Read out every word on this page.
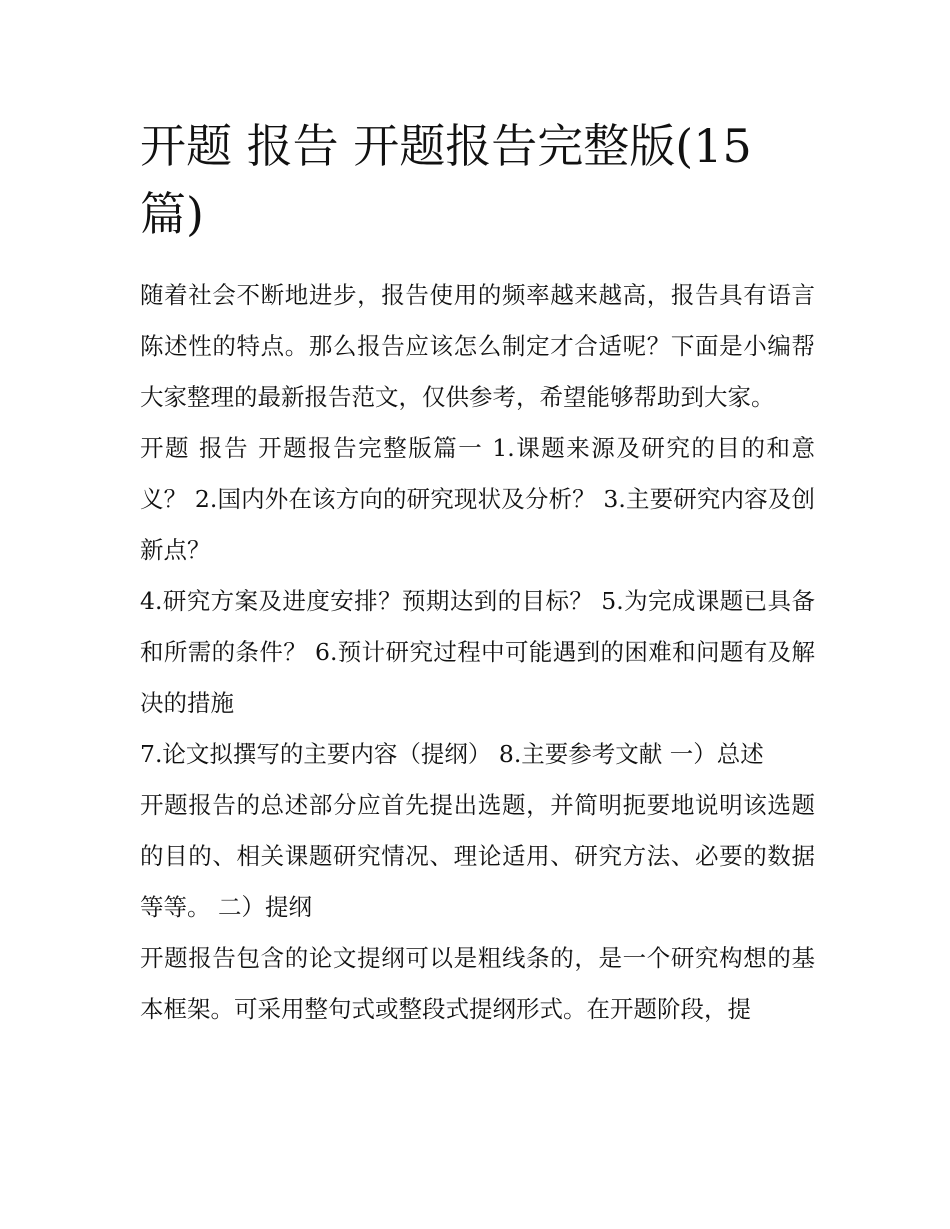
开题 报告 开题报告完整版(15篇)

随着社会不断地进步，报告使用的频率越来越高，报告具有语言陈述性的特点。那么报告应该怎么制定才合适呢？下面是小编帮大家整理的最新报告范文，仅供参考，希望能够帮助到大家。

开题 报告 开题报告完整版篇一 1.课题来源及研究的目的和意义？ 2.国内外在该方向的研究现状及分析？ 3.主要研究内容及创新点？

4.研究方案及进度安排？预期达到的目标？ 5.为完成课题已具备和所需的条件？ 6.预计研究过程中可能遇到的困难和问题有及解决的措施

7.论文拟撰写的主要内容（提纲） 8.主要参考文献 一）总述

开题报告的总述部分应首先提出选题，并简明扼要地说明该选题的目的、相关课题研究情况、理论适用、研究方法、必要的数据等等。 二）提纲

开题报告包含的论文提纲可以是粗线条的，是一个研究构想的基本框架。可采用整句式或整段式提纲形式。在开题阶段，提
